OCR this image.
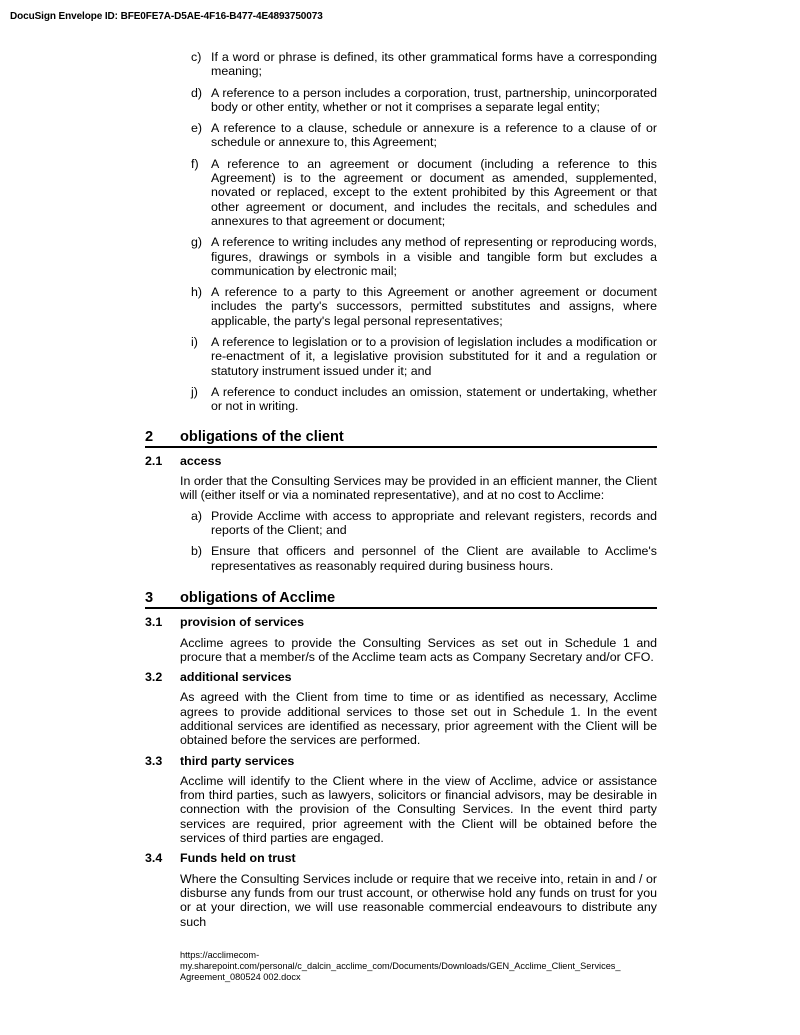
DocuSign Envelope ID: BFE0FE7A-D5AE-4F16-B477-4E4893750073
c) If a word or phrase is defined, its other grammatical forms have a corresponding meaning;
d) A reference to a person includes a corporation, trust, partnership, unincorporated body or other entity, whether or not it comprises a separate legal entity;
e) A reference to a clause, schedule or annexure is a reference to a clause of or schedule or annexure to, this Agreement;
f)	A reference to an agreement or document (including a reference to this Agreement) is to the agreement or document as amended, supplemented, novated or replaced, except to the extent prohibited by this Agreement or that other agreement or document, and includes the recitals, and schedules and annexures to that agreement or document;
g) A reference to writing includes any method of representing or reproducing words, figures, drawings or symbols in a visible and tangible form but excludes a communication by electronic mail;
h) A reference to a party to this Agreement or another agreement or document includes the party's successors, permitted substitutes and assigns, where applicable, the party's legal personal representatives;
i)	A reference to legislation or to a provision of legislation includes a modification or re-enactment of it, a legislative provision substituted for it and a regulation or statutory instrument issued under it; and
j)	A reference to conduct includes an omission, statement or undertaking, whether or not in writing.
2	obligations of the client
2.1	access
In order that the Consulting Services may be provided in an efficient manner, the Client will (either itself or via a nominated representative), and at no cost to Acclime:
a) Provide Acclime with access to appropriate and relevant registers, records and reports of the Client; and
b) Ensure that officers and personnel of the Client are available to Acclime's representatives as reasonably required during business hours.
3	obligations of Acclime
3.1	provision of services
Acclime agrees to provide the Consulting Services as set out in Schedule 1 and procure that a member/s of the Acclime team acts as Company Secretary and/or CFO.
3.2	additional services
As agreed with the Client from time to time or as identified as necessary, Acclime agrees to provide additional services to those set out in Schedule 1. In the event additional services are identified as necessary, prior agreement with the Client will be obtained before the services are performed.
3.3	third party services
Acclime will identify to the Client where in the view of Acclime, advice or assistance from third parties, such as lawyers, solicitors or financial advisors, may be desirable in connection with the provision of the Consulting Services. In the event third party services are required, prior agreement with the Client will be obtained before the services of third parties are engaged.
3.4	Funds held on trust
Where the Consulting Services include or require that we receive into, retain in and / or disburse any funds from our trust account, or otherwise hold any funds on trust for you or at your direction, we will use reasonable commercial endeavours to distribute any such
https://acclimecom-
my.sharepoint.com/personal/c_dalcin_acclime_com/Documents/Downloads/GEN_Acclime_Client_Services_
Agreement_080524 002.docx
